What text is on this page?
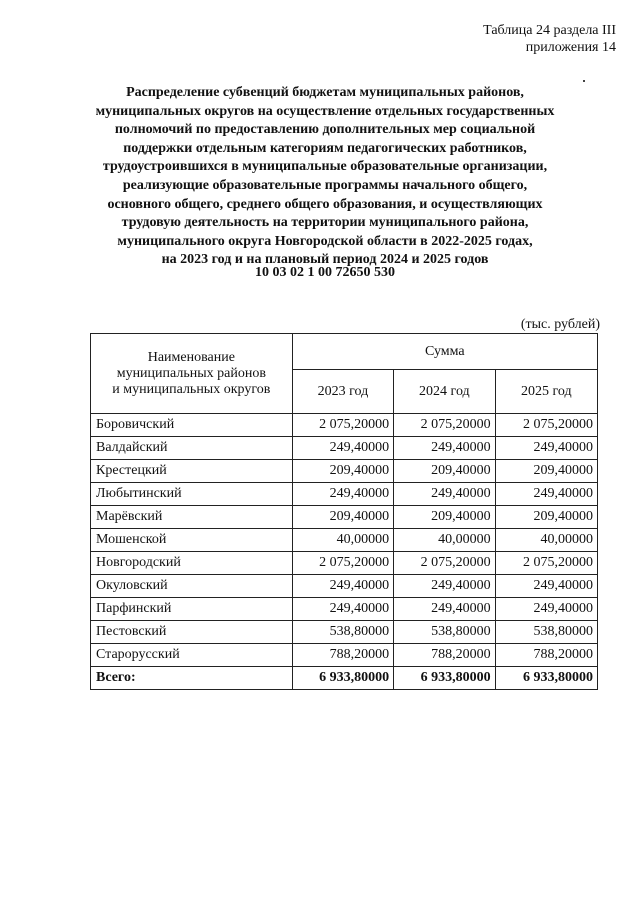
Таблица 24 раздела III
приложения 14
Распределение субвенций бюджетам муниципальных районов,
муниципальных округов на осуществление отдельных государственных
полномочий по предоставлению дополнительных мер социальной
поддержки отдельным категориям педагогических работников,
трудоустроившихся в муниципальные образовательные организации,
реализующие образовательные программы начального общего,
основного общего, среднего общего образования, и осуществляющих
трудовую деятельность на территории муниципального района,
муниципального округа Новгородской области в 2022-2025 годах,
на 2023 год и на плановый период 2024 и 2025 годов
10 03 02 1 00 72650 530
(тыс. рублей)
Наименование
муниципальных районов
и муниципальных округов	Сумма		
	2023 год	2024 год	2025 год
Боровичский	2 075,20000	2 075,20000	2 075,20000
Валдайский	249,40000	249,40000	249,40000
Крестецкий	209,40000	209,40000	209,40000
Любытинский	249,40000	249,40000	249,40000
Марёвский	209,40000	209,40000	209,40000
Мошенской	40,00000	40,00000	40,00000
Новгородский	2 075,20000	2 075,20000	2 075,20000
Окуловский	249,40000	249,40000	249,40000
Парфинский	249,40000	249,40000	249,40000
Пестовский	538,80000	538,80000	538,80000
Старорусский	788,20000	788,20000	788,20000
Всего:	6 933,80000	6 933,80000	6 933,80000
